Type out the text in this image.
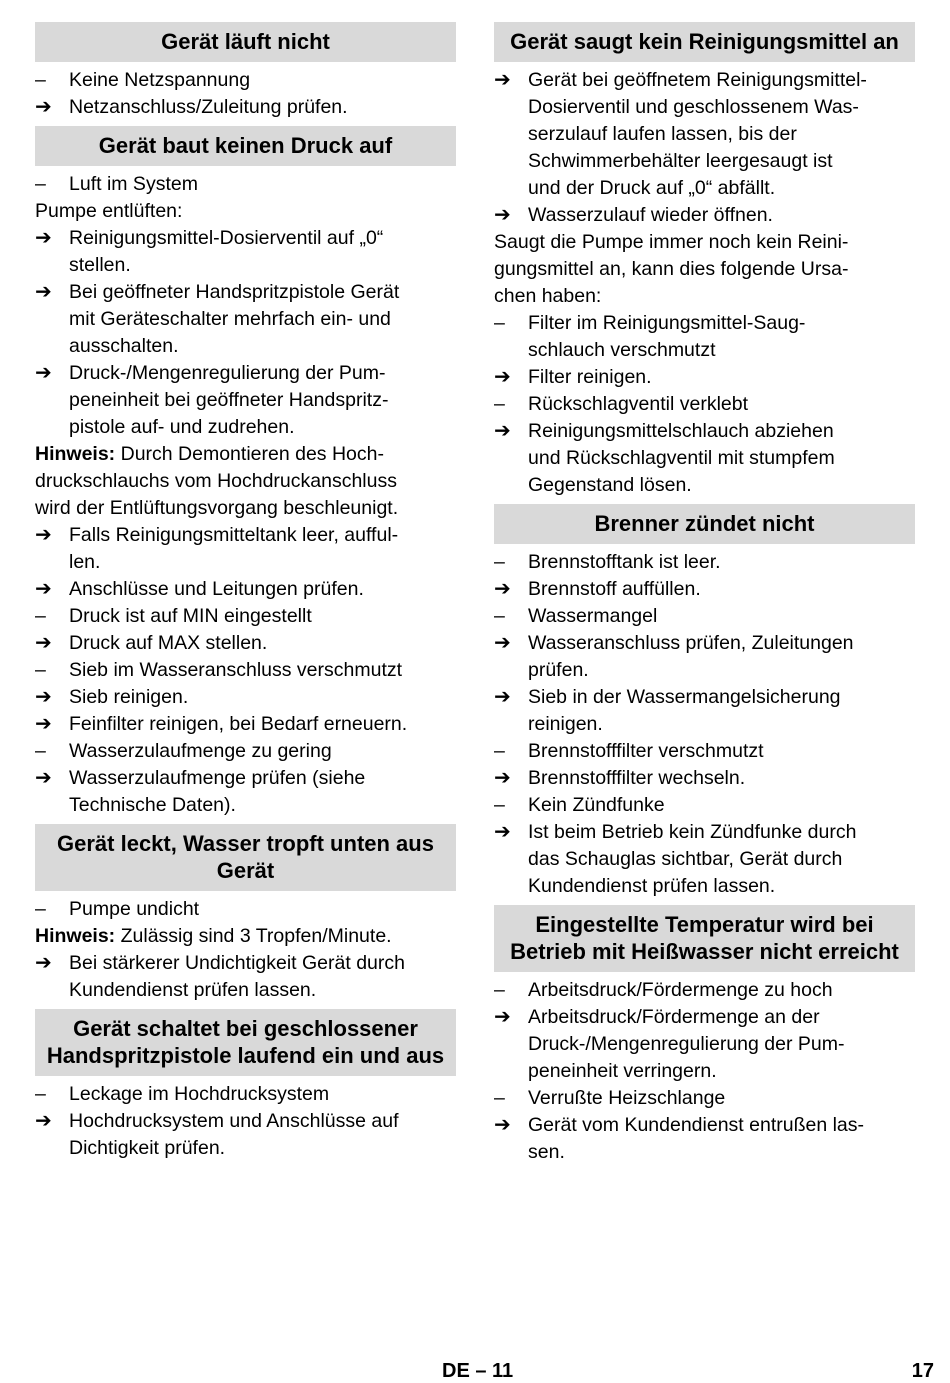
Gerät läuft nicht
–	Keine Netzspannung
➔ Netzanschluss/Zuleitung prüfen.
Gerät baut keinen Druck auf
–	Luft im System
Pumpe entlüften:
➔ Reinigungsmittel-Dosierventil auf „0“
stellen.
➔ Bei geöffneter Handspritzpistole Gerät
mit Geräteschalter mehrfach ein- und
ausschalten.
➔ Druck-/Mengenregulierung der Pum-
peneinheit bei geöffneter Handspritz-
pistole auf- und zudrehen.
Hinweis: Durch Demontieren des Hoch-
druckschlauchs vom Hochdruckanschluss
wird der Entlüftungsvorgang beschleunigt.
➔ Falls Reinigungsmitteltank leer, aufful-
len.
➔ Anschlüsse und Leitungen prüfen.
–	Druck ist auf MIN eingestellt
➔ Druck auf MAX stellen.
–	Sieb im Wasseranschluss verschmutzt
➔ Sieb reinigen.
➔ Feinfilter reinigen, bei Bedarf erneuern.
–	Wasserzulaufmenge zu gering
➔ Wasserzulaufmenge prüfen (siehe
Technische Daten).
Gerät leckt, Wasser tropft unten aus Gerät
–	Pumpe undicht
Hinweis: Zulässig sind 3 Tropfen/Minute.
➔ Bei stärkerer Undichtigkeit Gerät durch
Kundendienst prüfen lassen.
Gerät schaltet bei geschlossener Handspritzpistole laufend ein und aus
–	Leckage im Hochdrucksystem
➔ Hochdrucksystem und Anschlüsse auf
Dichtigkeit prüfen.
Gerät saugt kein Reinigungsmittel an
➔ Gerät bei geöffnetem Reinigungsmittel-
Dosierventil und geschlossenem Was-
serzulauf laufen lassen, bis der
Schwimmerbehälter leergesaugt ist
und der Druck auf „0“ abfällt.
➔ Wasserzulauf wieder öffnen.
Saugt die Pumpe immer noch kein Reini-
gungsmittel an, kann dies folgende Ursa-
chen haben:
–	Filter im Reinigungsmittel-Saug-
schlauch verschmutzt
➔ Filter reinigen.
–	Rückschlagventil verklebt
➔ Reinigungsmittelschlauch abziehen
und Rückschlagventil mit stumpfem
Gegenstand lösen.
Brenner zündet nicht
–	Brennstofftank ist leer.
➔ Brennstoff auffüllen.
–	Wassermangel
➔ Wasseranschluss prüfen, Zuleitungen
prüfen.
➔ Sieb in der Wassermangelsicherung
reinigen.
–	Brennstofffilter verschmutzt
➔ Brennstofffilter wechseln.
–	Kein Zündfunke
➔ Ist beim Betrieb kein Zündfunke durch
das Schauglas sichtbar, Gerät durch
Kundendienst prüfen lassen.
Eingestellte Temperatur wird bei Betrieb mit Heißwasser nicht erreicht
–	Arbeitsdruck/Fördermenge zu hoch
➔ Arbeitsdruck/Fördermenge an der
Druck-/Mengenregulierung der Pum-
peneinheit verringern.
–	Verrußte Heizschlange
➔ Gerät vom Kundendienst entrußen las-
sen.
DE – 11	17
